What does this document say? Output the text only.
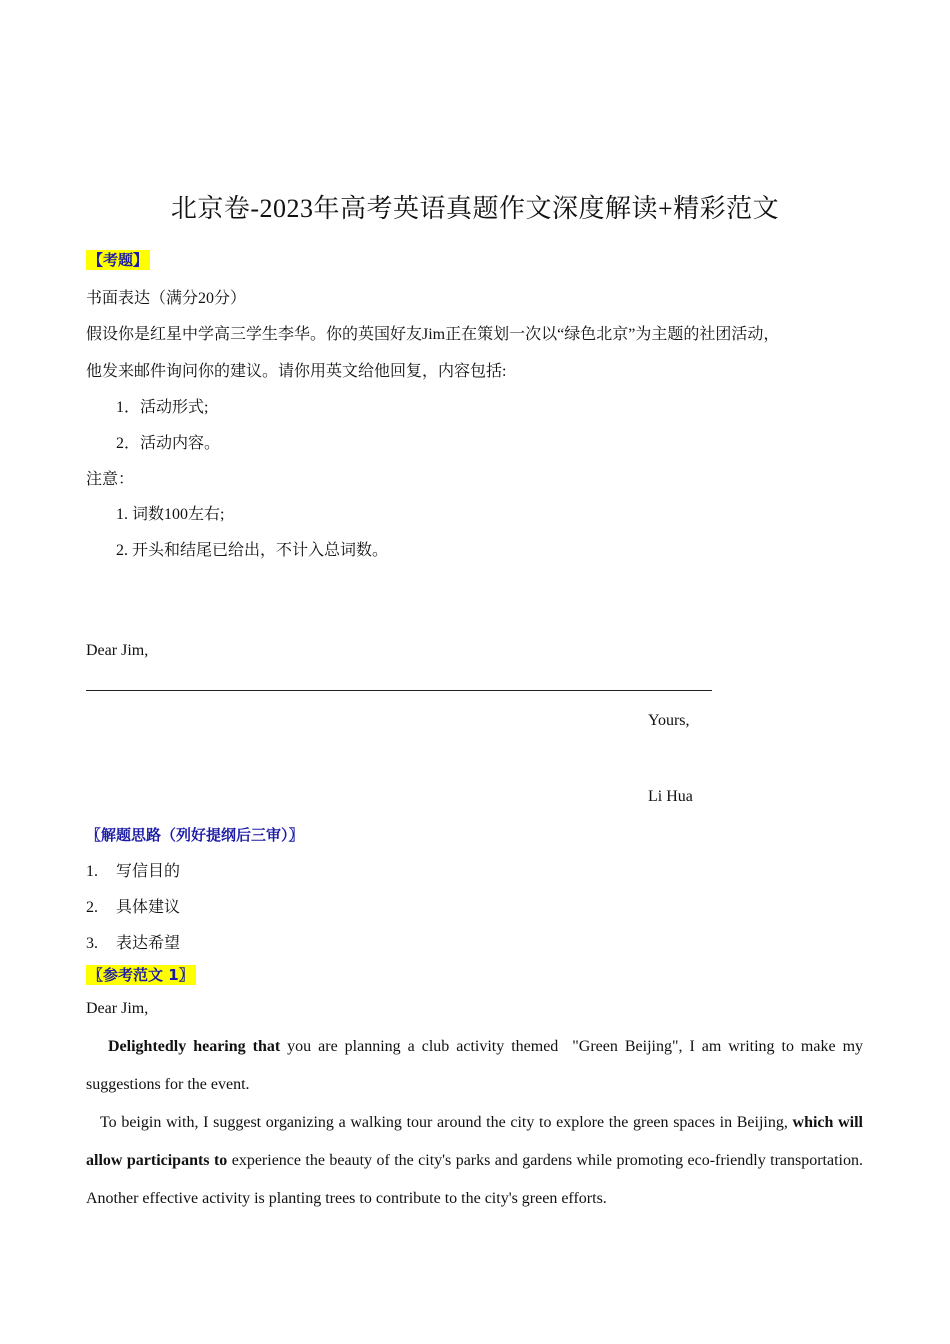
北京卷-2023年高考英语真题作文深度解读+精彩范文
【考题】
书面表达（满分20分）
假设你是红星中学高三学生李华。你的英国好友Jim正在策划一次以“绿色北京”为主题的社团活动，
他发来邮件询问你的建议。请你用英文给他回复，内容包括:
1．活动形式;
2．活动内容。
注意：
1. 词数100左右;
2. 开头和结尾已给出，不计入总词数。
Dear Jim,
Yours,
Li Hua
〖解题思路（列好提纲后三审）〗
1. 写信目的
2. 具体建议
3. 表达希望
〖参考范文 1〗
Dear Jim,
Delightedly hearing that you are planning a club activity themed  "Green Beijing", I am writing to make my suggestions for the event.
To beigin with, I suggest organizing a walking tour around the city to explore the green spaces in Beijing, which will allow participants to experience the beauty of the city's parks and gardens while promoting eco-friendly transportation. Another effective activity is planting trees to contribute to the city's green efforts.
